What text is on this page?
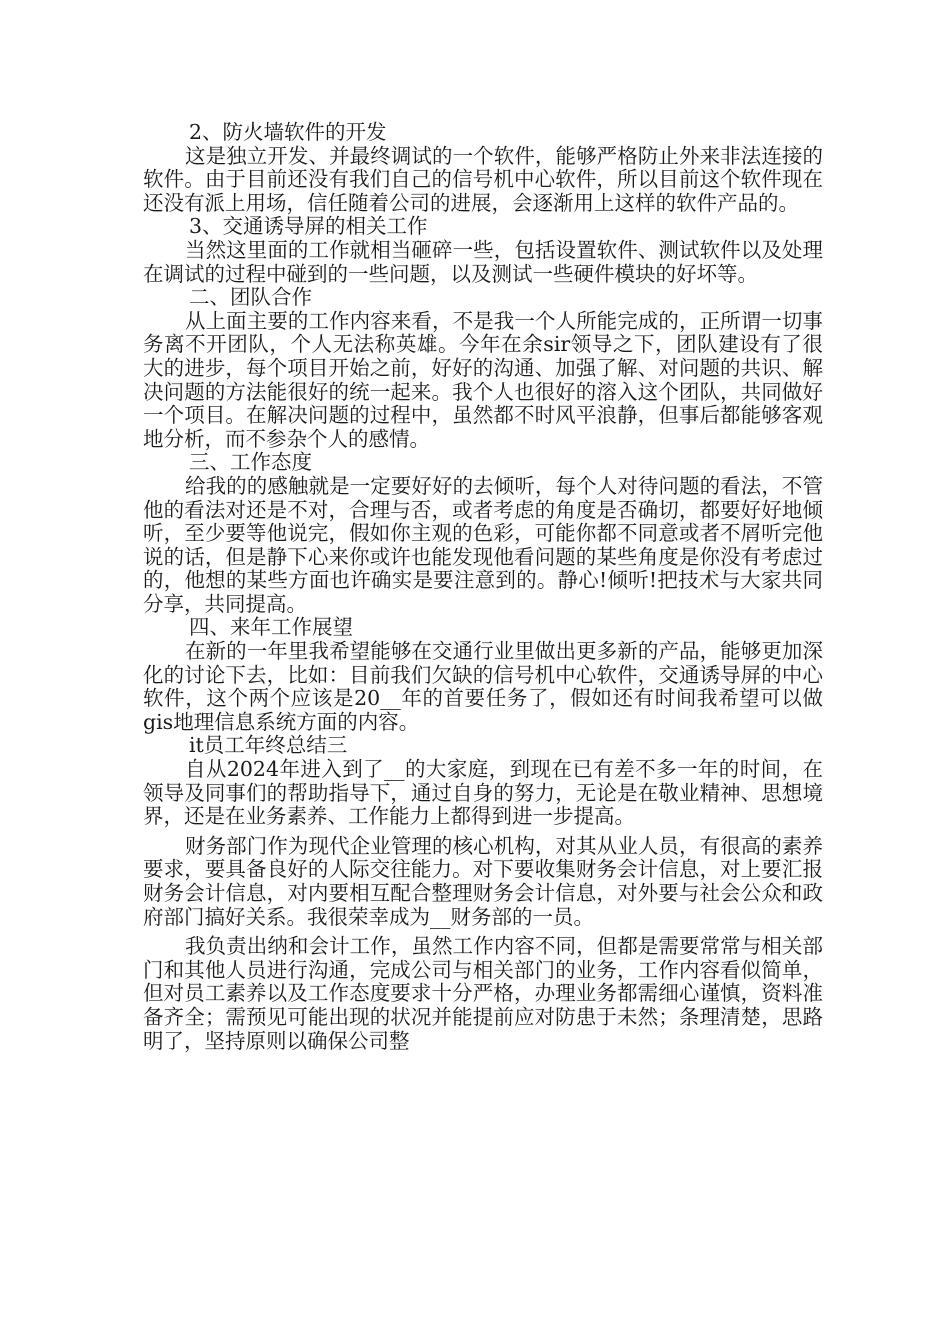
2、防火墙软件的开发

这是独立开发、并最终调试的一个软件，能够严格防止外来非法连接的软件。由于目前还没有我们自己的信号机中心软件，所以目前这个软件现在还没有派上用场，信任随着公司的进展，会逐渐用上这样的软件产品的。

3、交通诱导屏的相关工作

当然这里面的工作就相当砸碎一些，包括设置软件、测试软件以及处理在调试的过程中碰到的一些问题，以及测试一些硬件模块的好坏等。

二、团队合作

从上面主要的工作内容来看，不是我一个人所能完成的，正所谓一切事务离不开团队，个人无法称英雄。今年在余sir领导之下，团队建设有了很大的进步，每个项目开始之前，好好的沟通、加强了解、对问题的共识、解决问题的方法能很好的统一起来。我个人也很好的溶入这个团队，共同做好一个项目。在解决问题的过程中，虽然都不时风平浪静，但事后都能够客观地分析，而不参杂个人的感情。

三、工作态度

给我的的感触就是一定要好好的去倾听，每个人对待问题的看法，不管他的看法对还是不对，合理与否，或者考虑的角度是否确切，都要好好地倾听，至少要等他说完，假如你主观的色彩，可能你都不同意或者不屑听完他说的话，但是静下心来你或许也能发现他看问题的某些角度是你没有考虑过的，他想的某些方面也许确实是要注意到的。静心!倾听!把技术与大家共同分享，共同提高。

四、来年工作展望

在新的一年里我希望能够在交通行业里做出更多新的产品，能够更加深化的讨论下去，比如：目前我们欠缺的信号机中心软件，交通诱导屏的中心软件，这个两个应该是20__年的首要任务了，假如还有时间我希望可以做gis地理信息系统方面的内容。

it员工年终总结三

自从2024年进入到了__的大家庭，到现在已有差不多一年的时间，在领导及同事们的帮助指导下，通过自身的努力，无论是在敬业精神、思想境界，还是在业务素养、工作能力上都得到进一步提高。

财务部门作为现代企业管理的核心机构，对其从业人员，有很高的素养要求，要具备良好的人际交往能力。对下要收集财务会计信息，对上要汇报财务会计信息，对内要相互配合整理财务会计信息，对外要与社会公众和政府部门搞好关系。我很荣幸成为__财务部的一员。

我负责出纳和会计工作，虽然工作内容不同，但都是需要常常与相关部门和其他人员进行沟通，完成公司与相关部门的业务，工作内容看似简单，但对员工素养以及工作态度要求十分严格，办理业务都需细心谨慎，资料准备齐全；需预见可能出现的状况并能提前应对防患于未然；条理清楚，思路明了，坚持原则以确保公司整
